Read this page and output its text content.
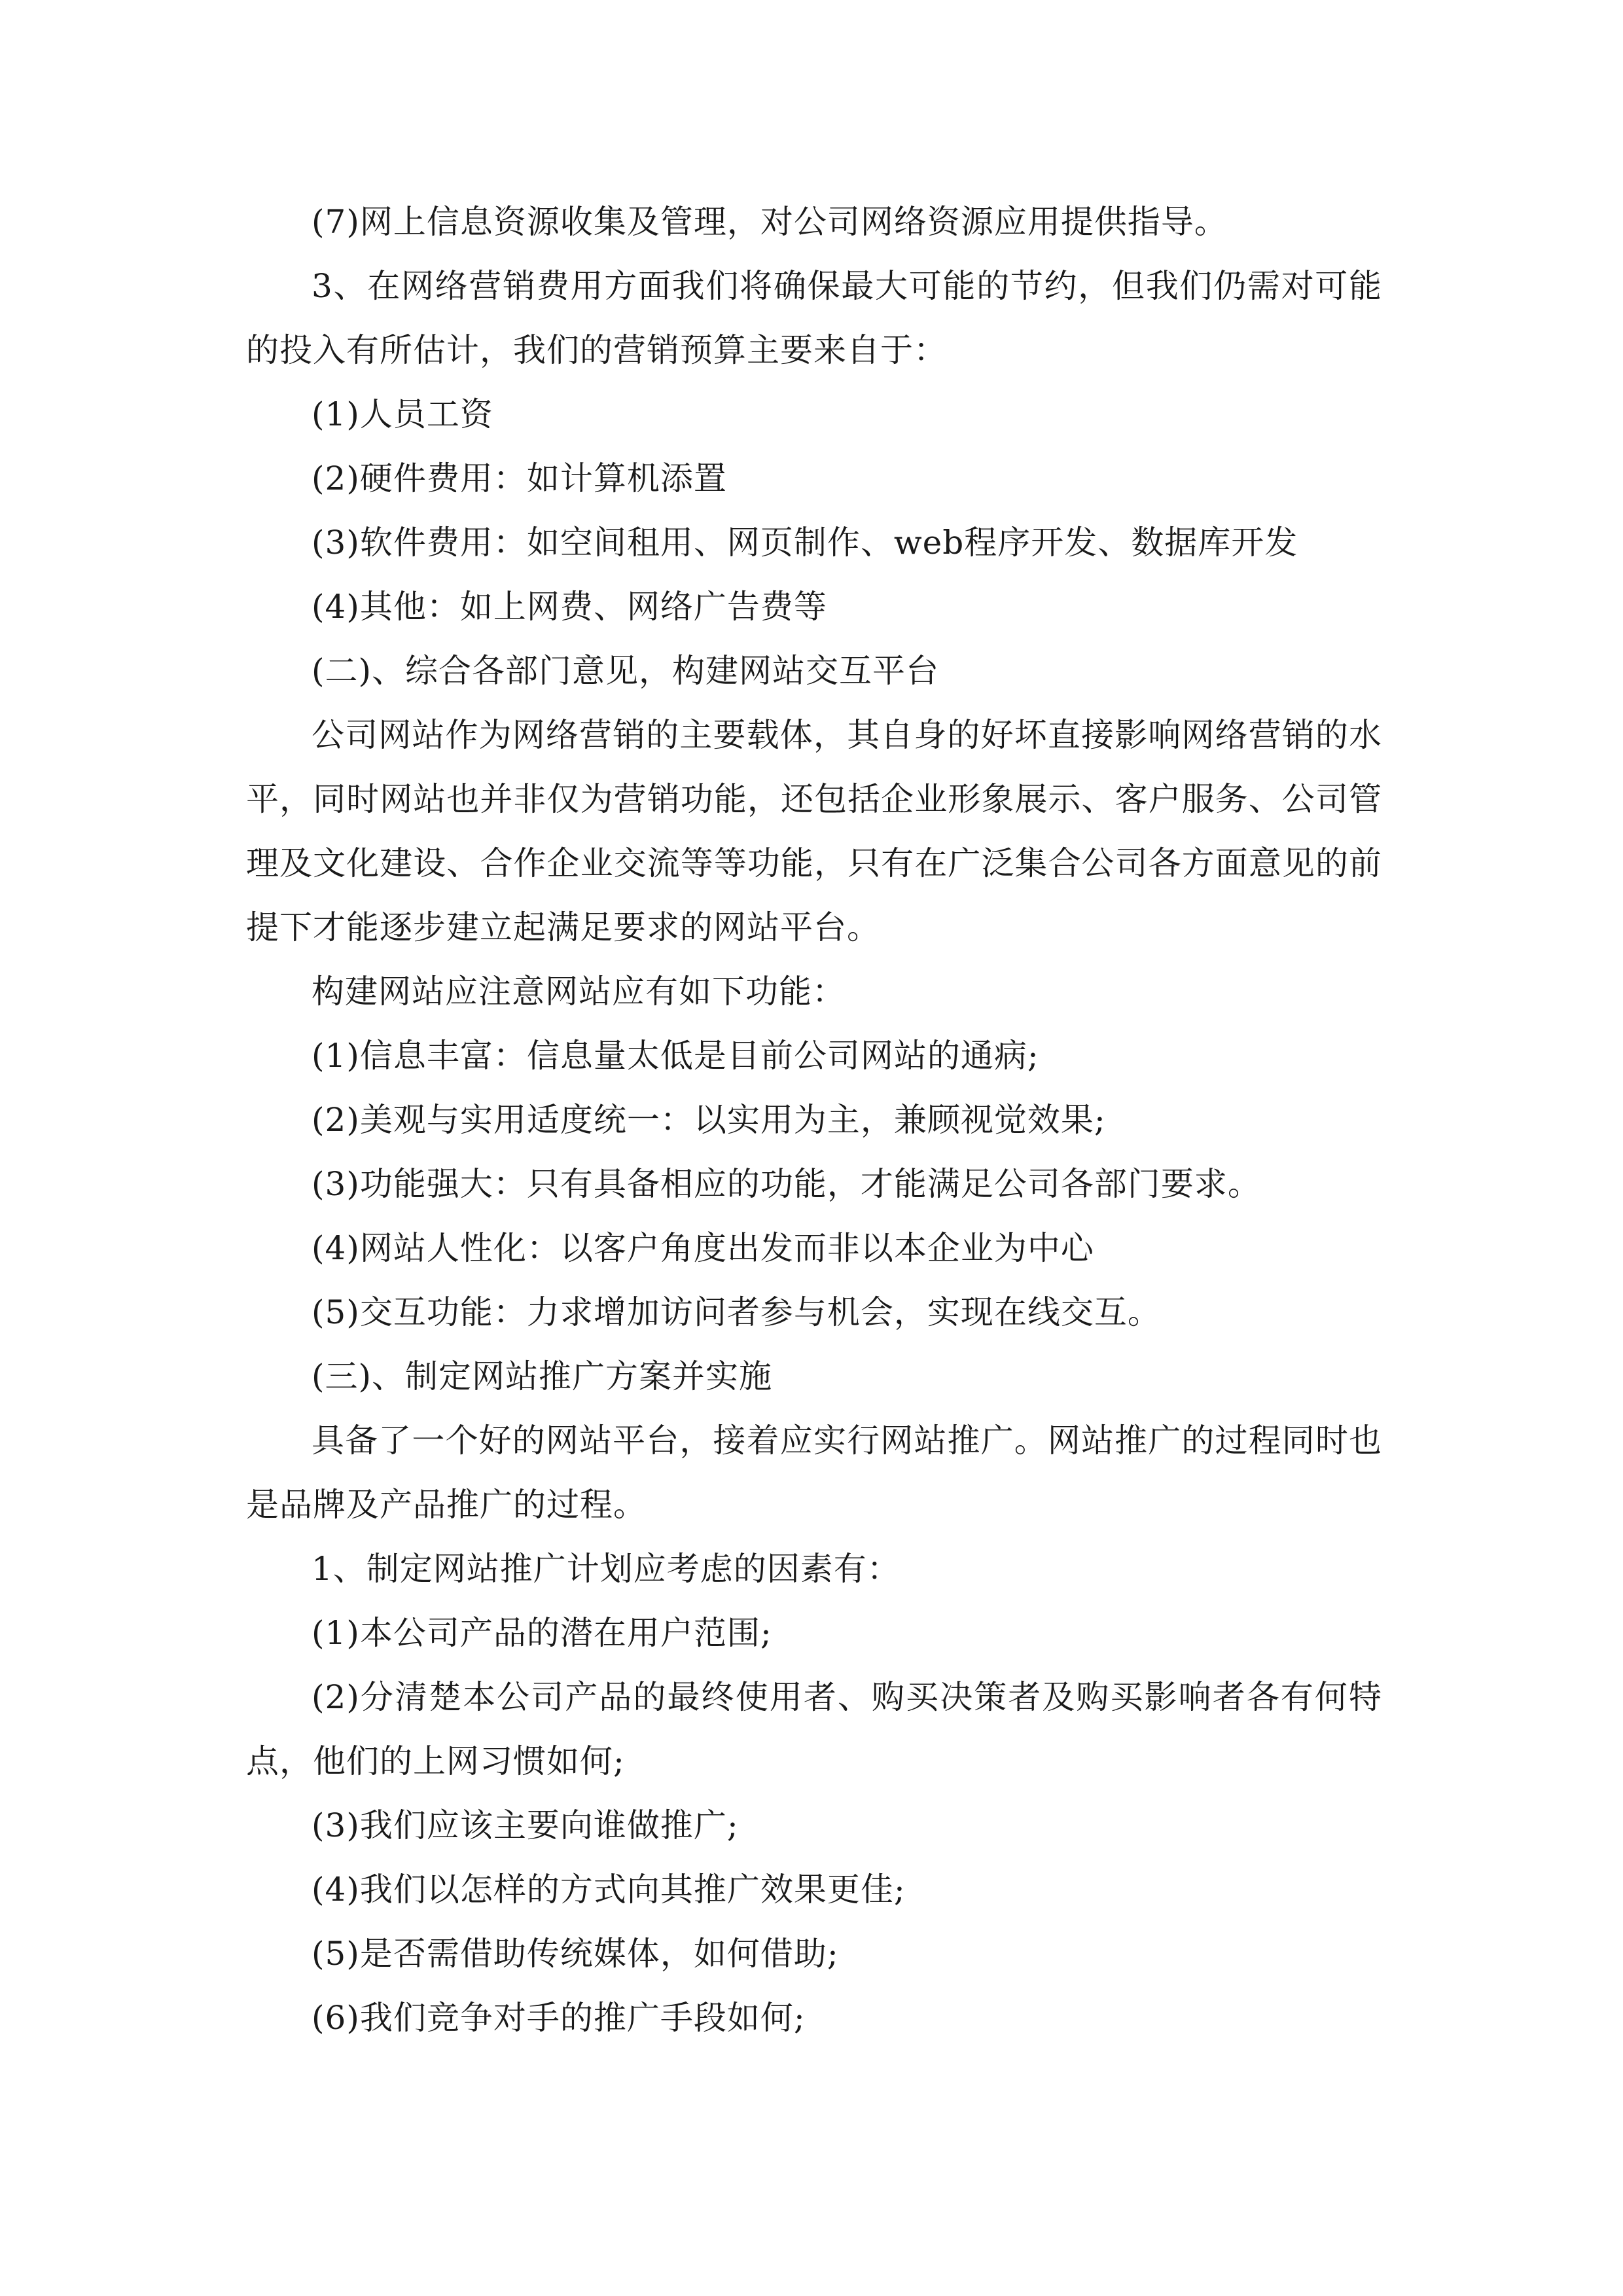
(7)网上信息资源收集及管理，对公司网络资源应用提供指导。

3、在网络营销费用方面我们将确保最大可能的节约，但我们仍需对可能的投入有所估计，我们的营销预算主要来自于：

(1)人员工资

(2)硬件费用：如计算机添置

(3)软件费用：如空间租用、网页制作、web程序开发、数据库开发

(4)其他：如上网费、网络广告费等

(二)、综合各部门意见，构建网站交互平台

公司网站作为网络营销的主要载体，其自身的好坏直接影响网络营销的水平，同时网站也并非仅为营销功能，还包括企业形象展示、客户服务、公司管理及文化建设、合作企业交流等等功能，只有在广泛集合公司各方面意见的前提下才能逐步建立起满足要求的网站平台。

构建网站应注意网站应有如下功能：

(1)信息丰富：信息量太低是目前公司网站的通病;

(2)美观与实用适度统一：以实用为主，兼顾视觉效果;

(3)功能强大：只有具备相应的功能，才能满足公司各部门要求。

(4)网站人性化：以客户角度出发而非以本企业为中心

(5)交互功能：力求增加访问者参与机会，实现在线交互。

(三)、制定网站推广方案并实施

具备了一个好的网站平台，接着应实行网站推广。网站推广的过程同时也是品牌及产品推广的过程。

1、制定网站推广计划应考虑的因素有：

(1)本公司产品的潜在用户范围;

(2)分清楚本公司产品的最终使用者、购买决策者及购买影响者各有何特点，他们的上网习惯如何;

(3)我们应该主要向谁做推广;

(4)我们以怎样的方式向其推广效果更佳;

(5)是否需借助传统媒体，如何借助;

(6)我们竞争对手的推广手段如何;
